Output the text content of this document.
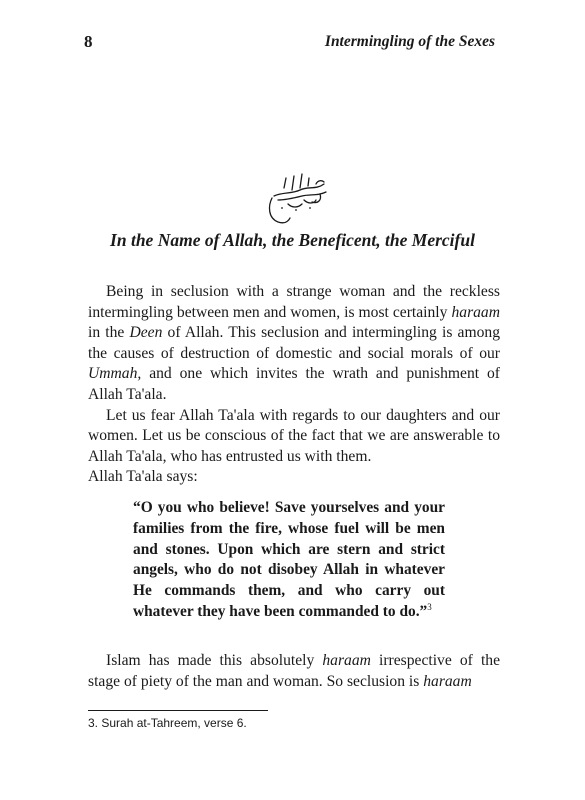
8	Intermingling of the Sexes
In the Name of Allah, the Beneficent, the Merciful

Being in seclusion with a strange woman and the reckless intermingling between men and women, is most certainly haraam in the Deen of Allah. This seclusion and intermingling is among the causes of destruction of domestic and social morals of our Ummah, and one which invites the wrath and punishment of Allah Ta'ala.

Let us fear Allah Ta'ala with regards to our daughters and our women. Let us be conscious of the fact that we are answerable to Allah Ta'ala, who has entrusted us with them.

Allah Ta'ala says:

“O you who believe! Save yourselves and your families from the fire, whose fuel will be men and stones. Upon which are stern and strict angels, who do not disobey Allah in whatever He commands them, and who carry out whatever they have been commanded to do.”$^3$

Islam has made this absolutely haraam irrespective of the stage of piety of the man and woman. So seclusion is haraam

3. Surah at-Tahreem, verse 6.
